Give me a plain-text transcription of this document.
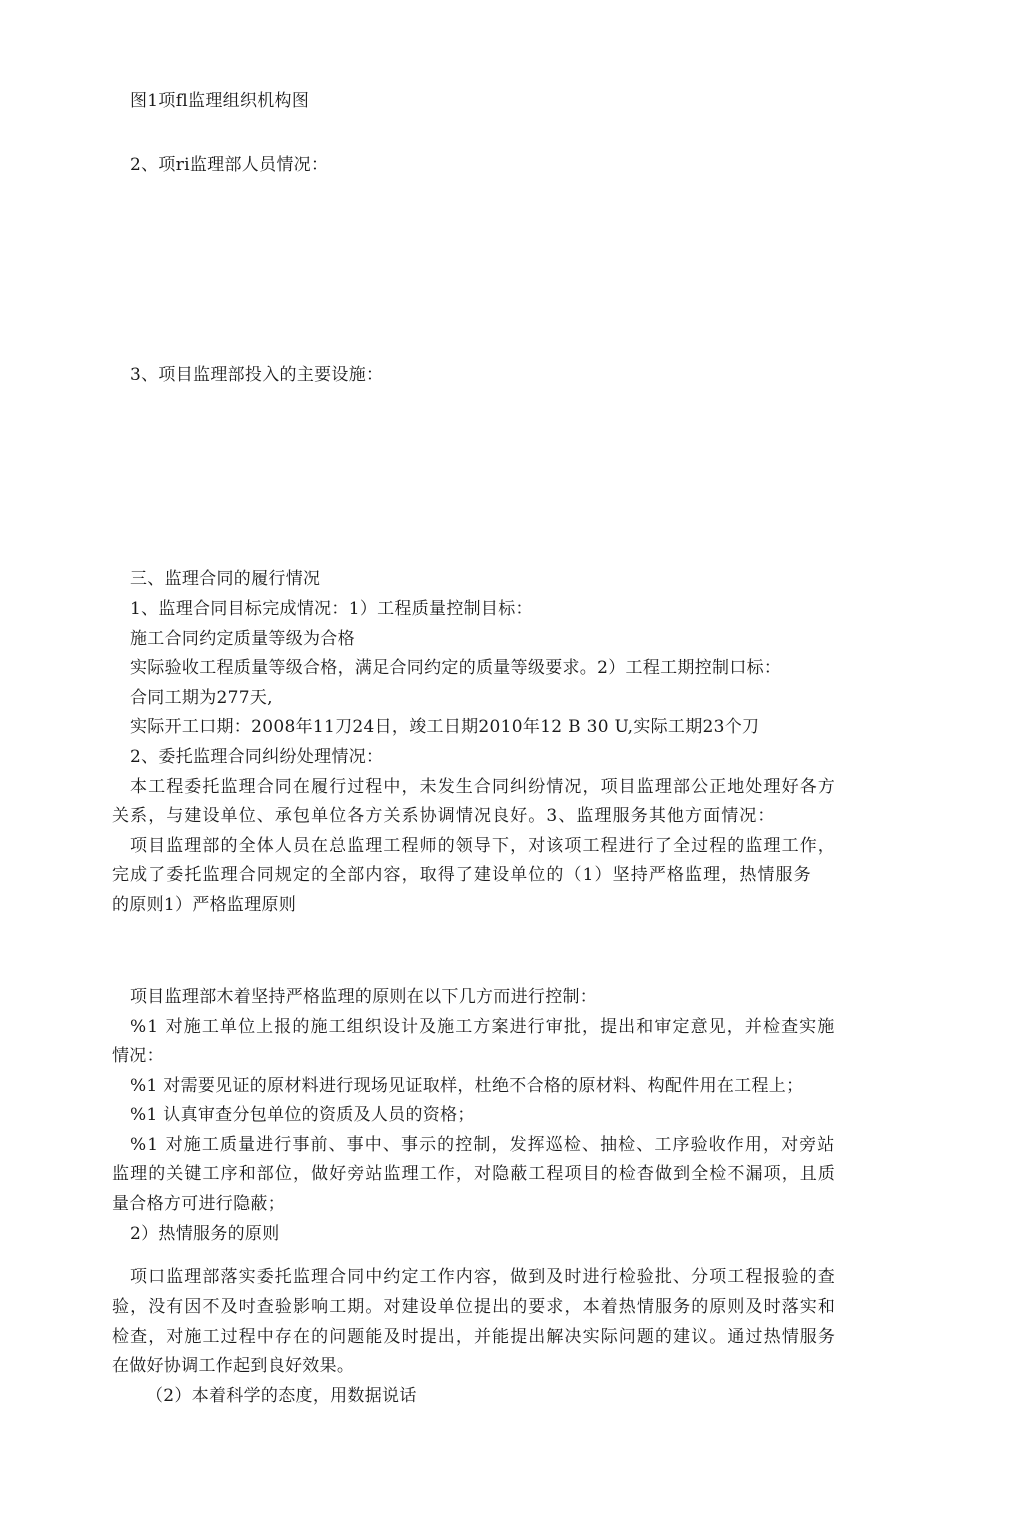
图1项fl监理组织机构图
2、项ri监理部人员情况：
3、项目监理部投入的主要设施：
三、监理合同的履行情况
1、监理合同目标完成情况：1）工程质量控制目标：
施工合同约定质量等级为合格
实际验收工程质量等级合格，满足合同约定的质量等级要求。2）工程工期控制口标：
合同工期为277天,
实际开工口期：2008年11刀24日，竣工日期2010年12 B 30 U,实际工期23个刀
2、委托监理合同纠纷处理情况：
本工程委托监理合同在履行过程中，未发生合同纠纷情况，项目监理部公正地处理好各方
关系，与建设单位、承包单位各方关系协调情况良好。3、监理服务其他方面情况：
项目监理部的全体人员在总监理工程师的领导下，对该项工程进行了全过程的监理工作，
完成了委托监理合同规定的全部内容，取得了建设单位的（1）坚持严格监理，热情服务
的原则1）严格监理原则
项目监理部木着坚持严格监理的原则在以下几方而进行控制：
%1 对施工单位上报的施工组织设计及施工方案进行审批，提出和审定意见，并检查实施
情况：
%1 对需要见证的原材料进行现场见证取样，杜绝不合格的原材料、构配件用在工程上；
%1 认真审查分包单位的资质及人员的资格；
%1 对施工质量进行事前、事中、事示的控制，发挥巡检、抽检、工序验收作用，对旁站
监理的关键工序和部位，做好旁站监理工作，对隐蔽工程项目的检杳做到全检不漏项，且质
量合格方可进行隐蔽；
2）热情服务的原则
项口监理部落实委托监理合同中约定工作内容，做到及时进行检验批、分项工程报验的查
验，没有因不及吋查验影响工期。对建设单位提出的要求，本着热情服务的原则及时落实和
检查，对施工过程中存在的问题能及时提出，并能提出解决实际问题的建议。通过热情服务
在做好协调工作起到良好效果。
（2）本着科学的态度，用数据说话
